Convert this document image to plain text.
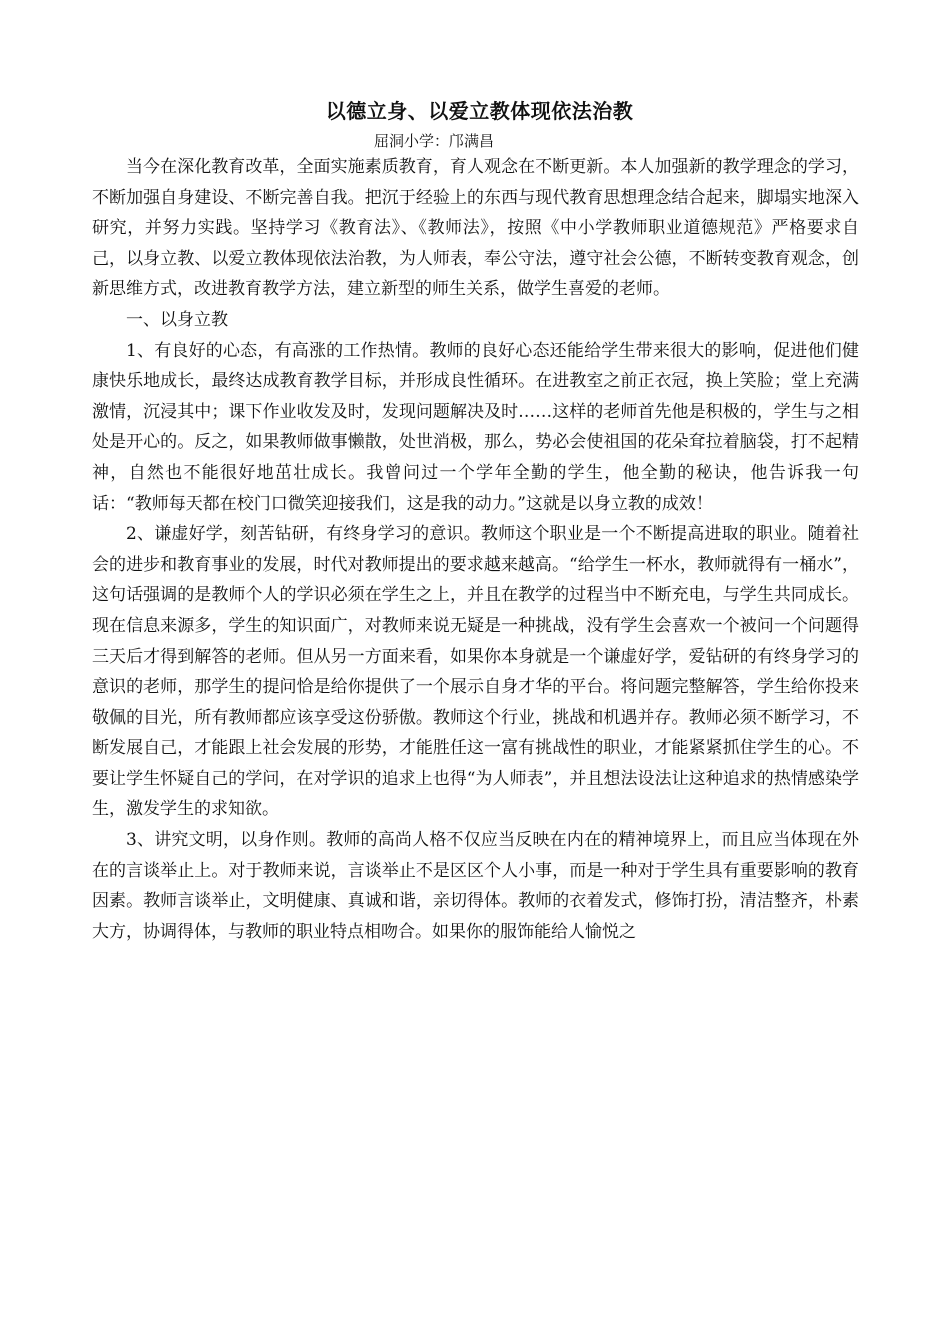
以德立身、以爱立教体现依法治教
屈洞小学：邝满昌

当今在深化教育改革，全面实施素质教育，育人观念在不断更新。本人加强新的教学理念的学习，不断加强自身建设、不断完善自我。把沉于经验上的东西与现代教育思想理念结合起来，脚塌实地深入研究，并努力实践。坚持学习《教育法》、《教师法》，按照《中小学教师职业道德规范》严格要求自己，以身立教、以爱立教体现依法治教，为人师表，奉公守法，遵守社会公德，不断转变教育观念，创新思维方式，改进教育教学方法，建立新型的师生关系，做学生喜爱的老师。

一、以身立教

1、有良好的心态，有高涨的工作热情。教师的良好心态还能给学生带来很大的影响，促进他们健康快乐地成长，最终达成教育教学目标，并形成良性循环。在进教室之前正衣冠，换上笑脸；堂上充满激情，沉浸其中；课下作业收发及时，发现问题解决及时……这样的老师首先他是积极的，学生与之相处是开心的。反之，如果教师做事懒散，处世消极，那么，势必会使祖国的花朵耷拉着脑袋，打不起精神，自然也不能很好地茁壮成长。我曾问过一个学年全勤的学生，他全勤的秘诀，他告诉我一句话：“教师每天都在校门口微笑迎接我们，这是我的动力。”这就是以身立教的成效！

2、谦虚好学，刻苦钻研，有终身学习的意识。教师这个职业是一个不断提高进取的职业。随着社会的进步和教育事业的发展，时代对教师提出的要求越来越高。“给学生一杯水，教师就得有一桶水”，这句话强调的是教师个人的学识必须在学生之上，并且在教学的过程当中不断充电，与学生共同成长。现在信息来源多，学生的知识面广，对教师来说无疑是一种挑战，没有学生会喜欢一个被问一个问题得三天后才得到解答的老师。但从另一方面来看，如果你本身就是一个谦虚好学，爱钻研的有终身学习的意识的老师，那学生的提问恰是给你提供了一个展示自身才华的平台。将问题完整解答，学生给你投来敬佩的目光，所有教师都应该享受这份骄傲。教师这个行业，挑战和机遇并存。教师必须不断学习，不断发展自己，才能跟上社会发展的形势，才能胜任这一富有挑战性的职业，才能紧紧抓住学生的心。不要让学生怀疑自己的学问，在对学识的追求上也得“为人师表”，并且想法设法让这种追求的热情感染学生，激发学生的求知欲。

3、讲究文明，以身作则。教师的高尚人格不仅应当反映在内在的精神境界上，而且应当体现在外在的言谈举止上。对于教师来说，言谈举止不是区区个人小事，而是一种对于学生具有重要影响的教育因素。教师言谈举止，文明健康、真诚和谐，亲切得体。教师的衣着发式，修饰打扮，清洁整齐，朴素大方，协调得体，与教师的职业特点相吻合。如果你的服饰能给人愉悦之
